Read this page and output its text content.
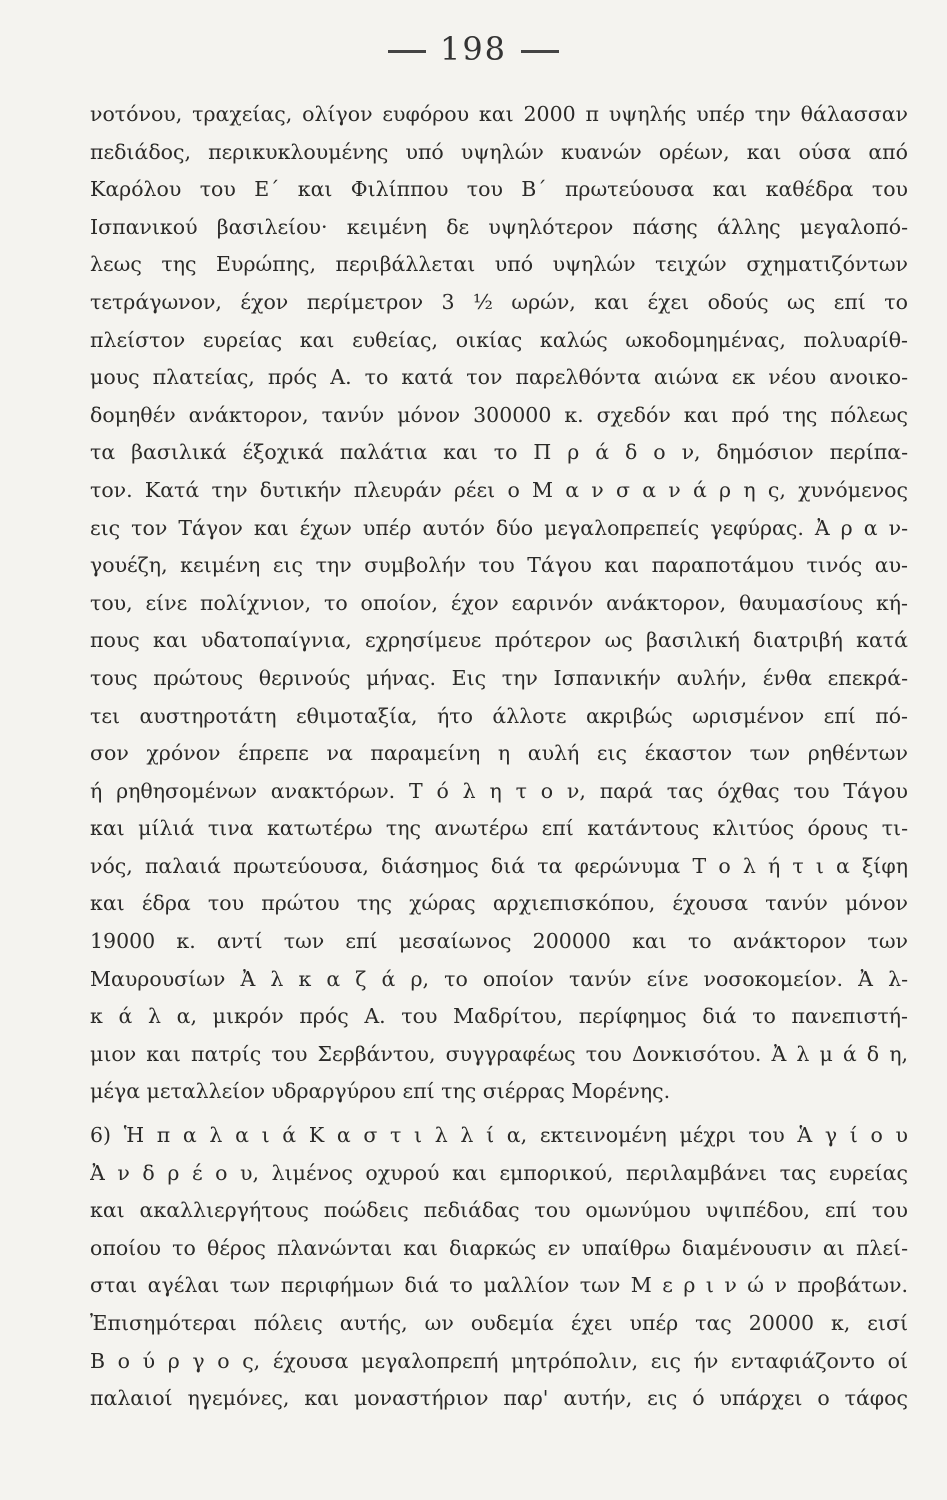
198
νοτόνου, τραχείας, ολίγον ευφόρου και 2000 π υψηλής υπέρ την θάλασσαν
πεδιάδος, περικυκλουμένης υπό υψηλών κυανών ορέων, και ούσα από
Καρόλου του Ε΄ και Φιλίππου του Β΄ πρωτεύουσα και καθέδρα του
Ισπανικού βασιλείου· κειμένη δε υψηλότερον πάσης άλλης μεγαλοπό-
λεως της Ευρώπης, περιβάλλεται υπό υψηλών τειχών σχηματιζόντων
τετράγωνον, έχον περίμετρον 3 ½ ωρών, και έχει οδούς ως επί το
πλείστον ευρείας και ευθείας, οικίας καλώς ωκοδομημένας, πολυαρίθ-
μους πλατείας, πρός Α. το κατά τον παρελθόντα αιώνα εκ νέου ανοικο-
δομηθέν ανάκτορον, τανύν μόνον 300000 κ. σχεδόν και πρό της πόλεως
τα βασιλικά έξοχικά παλάτια και το Π ρ ά δ ο ν, δημόσιον περίπα-
τον. Κατά την δυτικήν πλευράν ρέει ο Μ α ν σ α ν ά ρ η ς, χυνόμενος
εις τον Τάγον και έχων υπέρ αυτόν δύο μεγαλοπρεπείς γεφύρας. Ἀ ρ α ν-
γουέζη, κειμένη εις την συμβολήν του Τάγου και παραποτάμου τινός αυ-
του, είνε πολίχνιον, το οποίον, έχον εαρινόν ανάκτορον, θαυμασίους κή-
πους και υδατοπαίγνια, εχρησίμευε πρότερον ως βασιλική διατριβή κατά
τους πρώτους θερινούς μήνας. Εις την Ισπανικήν αυλήν, ένθα επεκρά-
τει αυστηροτάτη εθιμοταξία, ήτο άλλοτε ακριβώς ωρισμένον επί πό-
σον χρόνον έπρεπε να παραμείνη η αυλή εις έκαστον των ρηθέντων
ή ρηθησομένων ανακτόρων. Τ ό λ η τ ο ν, παρά τας όχθας του Τάγου
και μίλιά τινα κατωτέρω της ανωτέρω επί κατάντους κλιτύος όρους τι-
νός, παλαιά πρωτεύουσα, διάσημος διά τα φερώνυμα Τ ο λ ή τ ι α ξίφη
και έδρα του πρώτου της χώρας αρχιεπισκόπου, έχουσα τανύν μόνον
19000 κ. αντί των επί μεσαίωνος 200000 και το ανάκτορον των
Μαυρουσίων Ἀ λ κ α ζ ά ρ, το οποίον τανύν είνε νοσοκομείον. Ἀ λ-
κ ά λ α, μικρόν πρός Α. του Μαδρίτου, περίφημος διά το πανεπιστή-
μιον και πατρίς του Σερβάντου, συγγραφέως του Δονκισότου. Ἀ λ μ ά δ η,
μέγα μεταλλείον υδραργύρου επί της σιέρρας Μορένης.
6) Ἡ π α λ α ι ά Κ α σ τ ι λ λ ί α, εκτεινομένη μέχρι του Ἁ γ ί ο υ
Ἀ ν δ ρ έ ο υ, λιμένος οχυρού και εμπορικού, περιλαμβάνει τας ευρείας
και ακαλλιεργήτους ποώδεις πεδιάδας του ομωνύμου υψιπέδου, επί του
οποίου το θέρος πλανώνται και διαρκώς εν υπαίθρω διαμένουσιν αι πλεί-
σται αγέλαι των περιφήμων διά το μαλλίον των Μ ε ρ ι ν ώ ν προβάτων.
Ἐπισημότεραι πόλεις αυτής, ων ουδεμία έχει υπέρ τας 20000 κ, εισί
Β ο ύ ρ γ ο ς, έχουσα μεγαλοπρεπή μητρόπολιν, εις ήν ενταφιάζοντο οί
παλαιοί ηγεμόνες, και μοναστήριον παρ' αυτήν, εις ό υπάρχει ο τάφος
